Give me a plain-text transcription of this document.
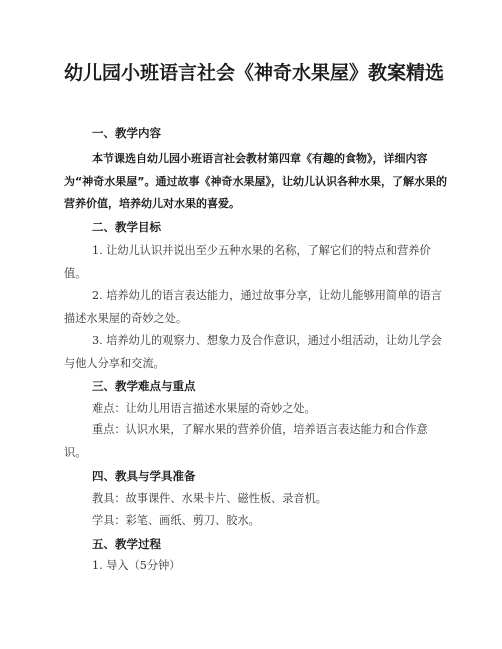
幼儿园小班语言社会《神奇水果屋》教案精选
一、教学内容
本节课选自幼儿园小班语言社会教材第四章《有趣的食物》，详细内容为“神奇水果屋”。通过故事《神奇水果屋》，让幼儿认识各种水果，了解水果的营养价值，培养幼儿对水果的喜爱。
二、教学目标
1. 让幼儿认识并说出至少五种水果的名称，了解它们的特点和营养价值。
2. 培养幼儿的语言表达能力，通过故事分享，让幼儿能够用简单的语言描述水果屋的奇妙之处。
3. 培养幼儿的观察力、想象力及合作意识，通过小组活动，让幼儿学会与他人分享和交流。
三、教学难点与重点
难点：让幼儿用语言描述水果屋的奇妙之处。
重点：认识水果，了解水果的营养价值，培养语言表达能力和合作意识。
四、教具与学具准备
教具：故事课件、水果卡片、磁性板、录音机。
学具：彩笔、画纸、剪刀、胶水。
五、教学过程
1. 导入（5分钟）
